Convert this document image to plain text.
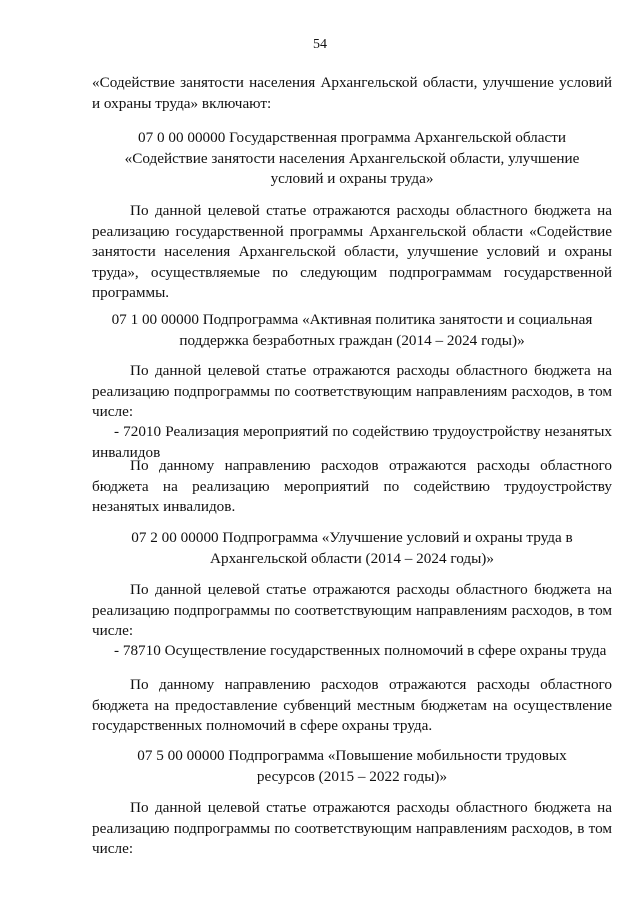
54
«Содействие занятости населения Архангельской области, улучшение условий и охраны труда» включают:
07 0 00 00000 Государственная программа Архангельской области «Содействие занятости населения Архангельской области, улучшение условий и охраны труда»
По данной целевой статье отражаются расходы областного бюджета на реализацию государственной программы Архангельской области «Содействие занятости населения Архангельской области, улучшение условий и охраны труда», осуществляемые по следующим подпрограммам государственной программы.
07 1 00 00000 Подпрограмма «Активная политика занятости и социальная поддержка безработных граждан (2014 – 2024 годы)»
По данной целевой статье отражаются расходы областного бюджета на реализацию подпрограммы по соответствующим направлениям расходов, в том числе:
- 72010 Реализация мероприятий по содействию трудоустройству незанятых инвалидов
По данному направлению расходов отражаются расходы областного бюджета на реализацию мероприятий по содействию трудоустройству незанятых инвалидов.
07 2 00 00000 Подпрограмма «Улучшение условий и охраны труда в Архангельской области (2014 – 2024 годы)»
По данной целевой статье отражаются расходы областного бюджета на реализацию подпрограммы по соответствующим направлениям расходов, в том числе:
- 78710 Осуществление государственных полномочий в сфере охраны труда
По данному направлению расходов отражаются расходы областного бюджета на предоставление субвенций местным бюджетам на осуществление государственных полномочий в сфере охраны труда.
07 5 00 00000 Подпрограмма «Повышение мобильности трудовых ресурсов (2015 – 2022 годы)»
По данной целевой статье отражаются расходы областного бюджета на реализацию подпрограммы по соответствующим направлениям расходов, в том числе:
